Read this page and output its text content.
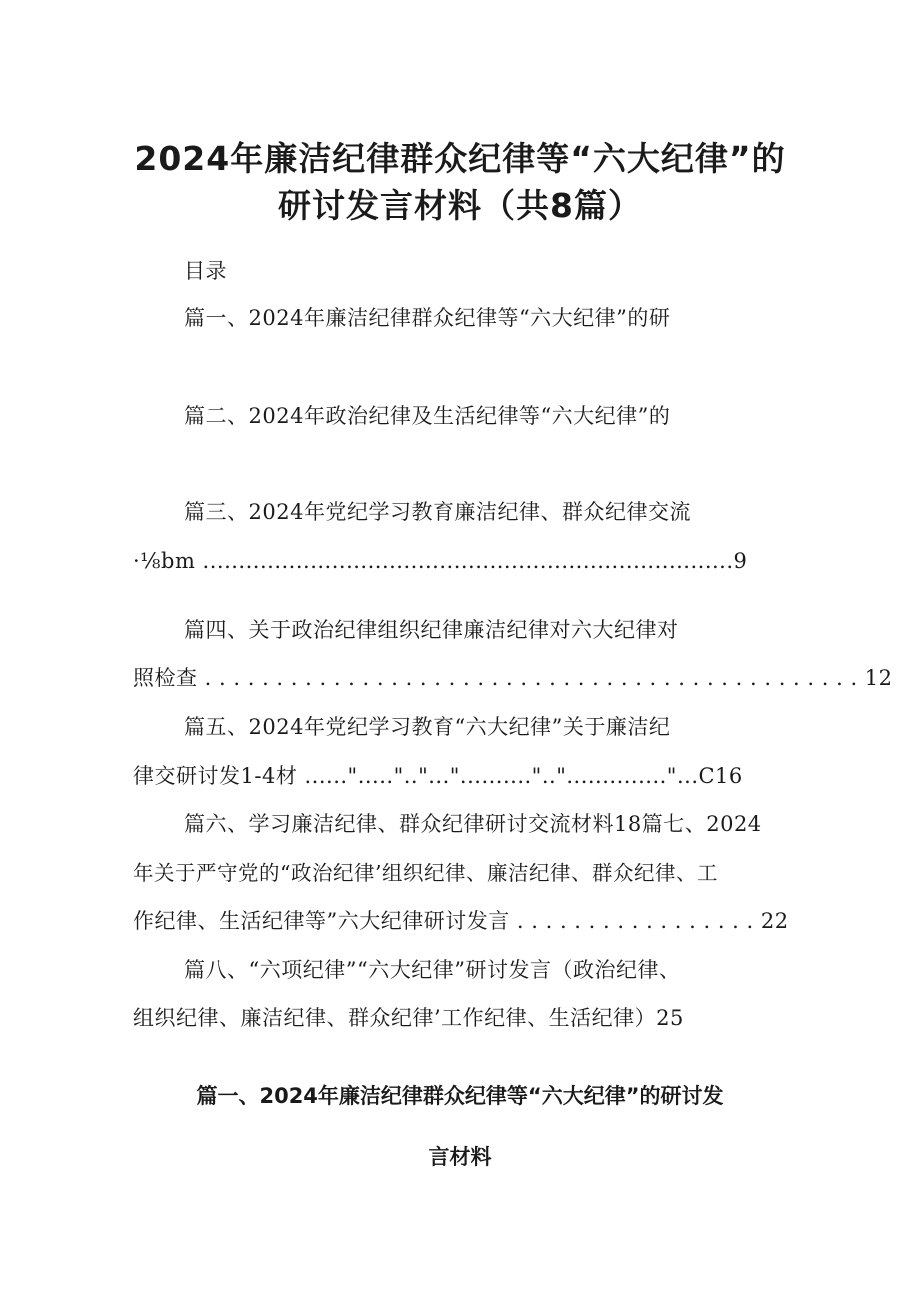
2024年廉洁纪律群众纪律等“六大纪律”的
研讨发言材料（共8篇）
目录
篇一、2024年廉洁纪律群众纪律等“六大纪律”的研
篇二、2024年政治纪律及生活纪律等“六大纪律”的
篇三、2024年党纪学习教育廉洁纪律、群众纪律交流
·⅛bm ..........................................................................9
篇四、关于政治纪律组织纪律廉洁纪律对六大纪律对
照检查 . . . . . . . . . . . . . . . . . . . . . . . . . . . . . . . . . . . . . . . . . . . . . . 12
篇五、2024年党纪学习教育“六大纪律”关于廉洁纪
律交研讨发1-4材 ......".....".."...".........."..".............."...C16
篇六、学习廉洁纪律、群众纪律研讨交流材料18篇七、2024
年关于严守党的“政治纪律’组织纪律、廉洁纪律、群众纪律、工
作纪律、生活纪律等”六大纪律研讨发言 . . . . . . . . . . . . . . . . . 22
篇八、“六项纪律”“六大纪律”研讨发言（政治纪律、
组织纪律、廉洁纪律、群众纪律’工作纪律、生活纪律）25
篇一、2024年廉洁纪律群众纪律等“六大纪律”的研讨发
言材料
